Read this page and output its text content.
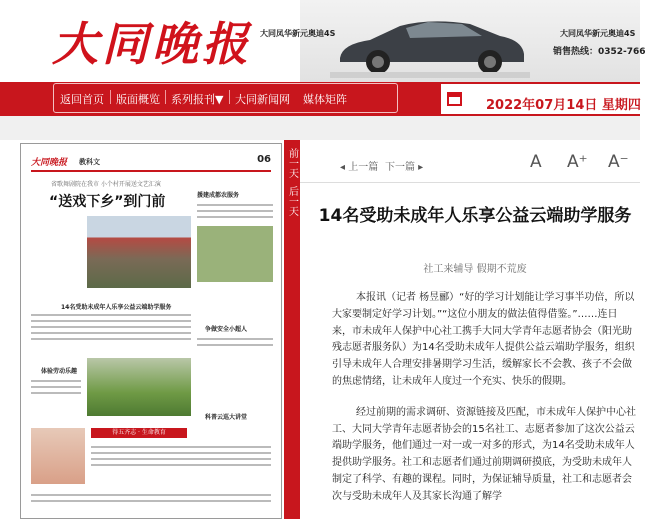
大同晚报 大同凤华新元奥迪4S	大同凤华新元奥迪4S
销售热线：0352-766
返回首页 版面概览 系列报刊▼ 大同新闻网 媒体矩阵	2022年07月14日 星期四
大同晚报 教科文	06
省歌舞剧院在我市 小个村开展送文艺汇演
“送戏下乡”到门前	援建成都农服务
14名受助未成年人乐享公益云端助学服务
争做安全小超人
体验劳动乐趣
科普云巡大讲堂
得五齐志 · 生命教育
前一天
后一天
◂ 上一篇 下一篇 ▸	A A⁺ A⁻
14名受助未成年人乐享公益云端助学服务
社工来辅导 假期不荒废

本报讯（记者 杨昱郦）“好的学习计划能让学习事半功倍，所以大家要制定好学习计划。”“这位小朋友的做法值得借鉴。”……连日来，市未成年人保护中心社工携手大同大学青年志愿者协会（阳光助残志愿者服务队）为14名受助未成年人提供公益云端助学服务，组织引导未成年人合理安排暑期学习生活，缓解家长不会教、孩子不会做的焦虑情绪，让未成年人度过一个充实、快乐的假期。

经过前期的需求调研、资源链接及匹配，市未成年人保护中心社工、大同大学青年志愿者协会的15名社工、志愿者参加了这次公益云端助学服务，他们通过一对一或一对多的形式，为14名受助未成年人提供助学服务。社工和志愿者们通过前期调研摸底，为受助未成年人制定了科学、有趣的课程。同时，为保证辅导质量，社工和志愿者会次与受助未成年人及其家长沟通了解学
